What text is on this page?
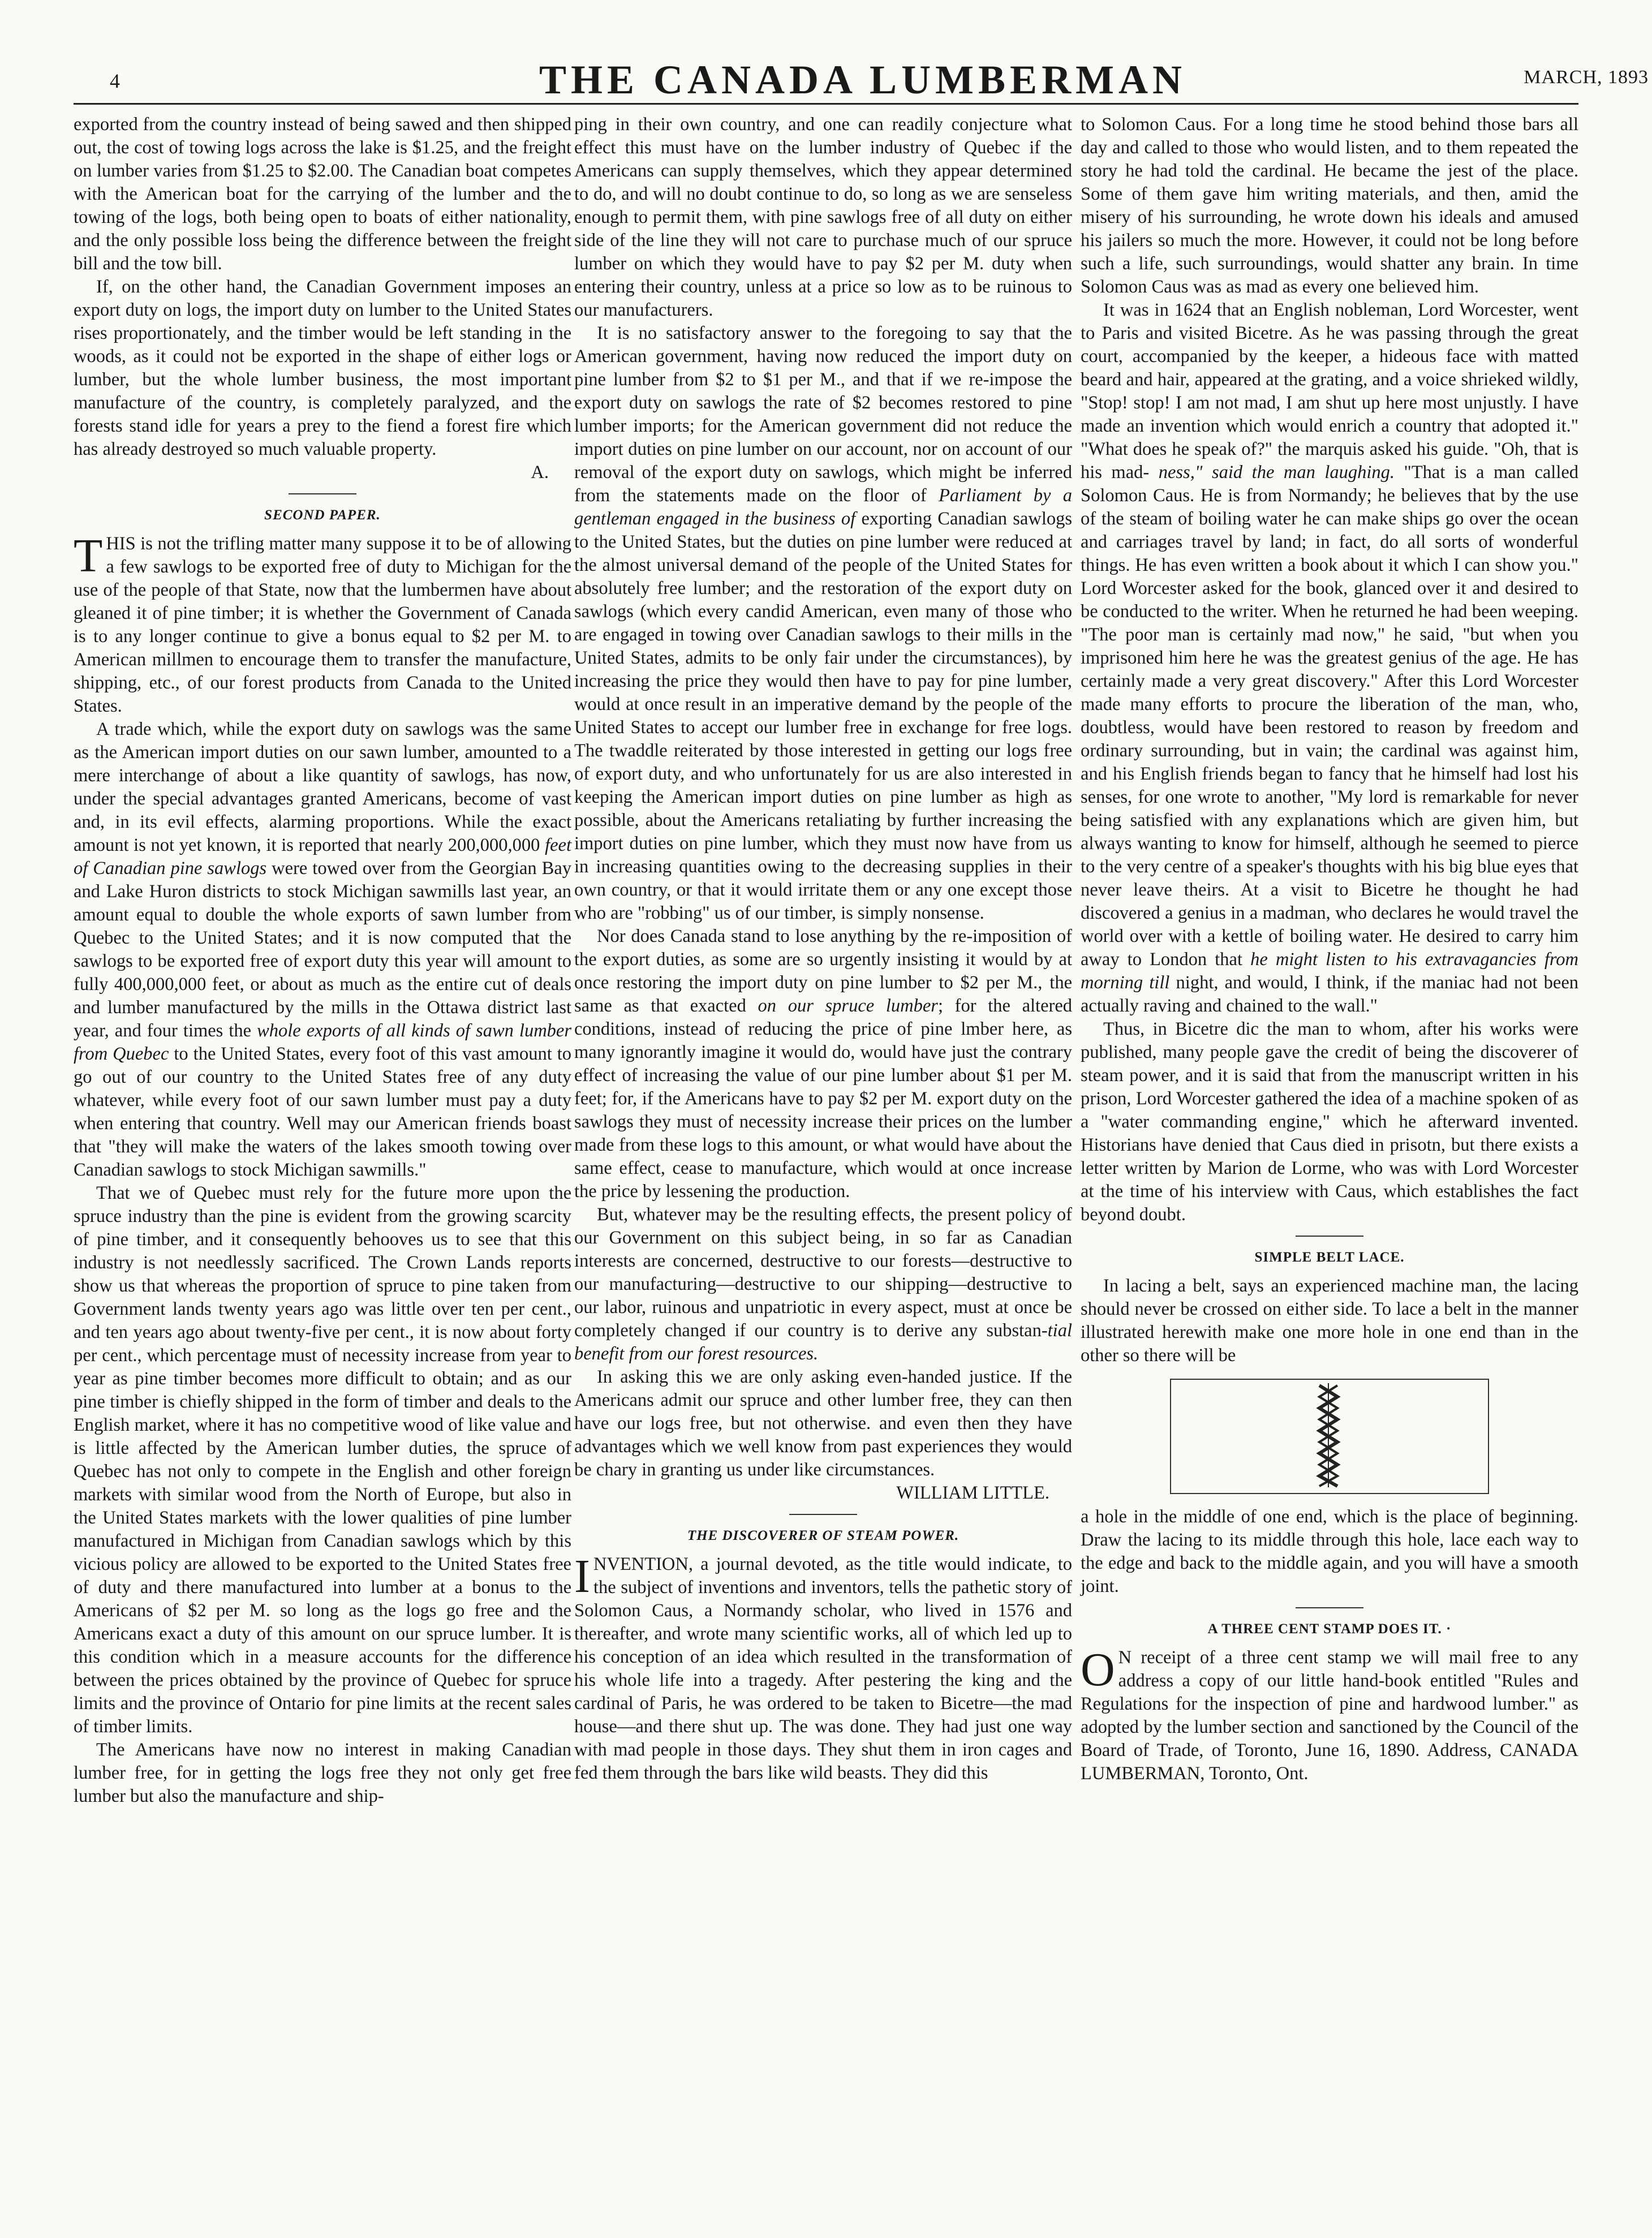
4	THE CANADA LUMBERMAN	MARCH, 1893

exported from the country instead of being sawed and then shipped out, the cost of towing logs across the lake is $1.25, and the freight on lumber varies from $1.25 to $2.00. The Canadian boat competes with the American boat for the carrying of the lumber and the towing of the logs, both being open to boats of either nationality, and the only possible loss being the difference between the freight bill and the tow bill.

If, on the other hand, the Canadian Government imposes an export duty on logs, the import duty on lumber to the United States rises proportionately, and the timber would be left standing in the woods, as it could not be exported in the shape of either logs or lumber, but the whole lumber business, the most important manufacture of the country, is completely paralyzed, and the forests stand idle for years a prey to the fiend a forest fire which has already destroyed so much valuable property.

A.

SECOND PAPER.

THIS is not the trifling matter many suppose it to be of allowing a few sawlogs to be exported free of duty to Michigan for the use of the people of that State, now that the lumbermen have about gleaned it of pine timber; it is whether the Government of Canada is to any longer continue to give a bonus equal to $2 per M. to American millmen to encourage them to transfer the manufacture, shipping, etc., of our forest products from Canada to the United States.

A trade which, while the export duty on sawlogs was the same as the American import duties on our sawn lumber, amounted to a mere interchange of about a like quantity of sawlogs, has now, under the special advantages granted Americans, become of vast and, in its evil effects, alarming proportions. While the exact amount is not yet known, it is reported that nearly 200,000,000 feet of Canadian pine sawlogs were towed over from the Georgian Bay and Lake Huron districts to stock Michigan sawmills last year, an amount equal to double the whole exports of sawn lumber from Quebec to the United States; and it is now computed that the sawlogs to be exported free of export duty this year will amount to fully 400,000,000 feet, or about as much as the entire cut of deals and lumber manufactured by the mills in the Ottawa district last year, and four times the whole exports of all kinds of sawn lumber from Quebec to the United States, every foot of this vast amount to go out of our country to the United States free of any duty whatever, while every foot of our sawn lumber must pay a duty when entering that country. Well may our American friends boast that "they will make the waters of the lakes smooth towing over Canadian sawlogs to stock Michigan sawmills."

That we of Quebec must rely for the future more upon the spruce industry than the pine is evident from the growing scarcity of pine timber, and it consequently behooves us to see that this industry is not needlessly sacrificed. The Crown Lands reports show us that whereas the proportion of spruce to pine taken from Government lands twenty years ago was little over ten per cent., and ten years ago about twenty-five per cent., it is now about forty per cent., which percentage must of necessity increase from year to year as pine timber becomes more difficult to obtain; and as our pine timber is chiefly shipped in the form of timber and deals to the English market, where it has no competitive wood of like value and is little affected by the American lumber duties, the spruce of Quebec has not only to compete in the English and other foreign markets with similar wood from the North of Europe, but also in the United States markets with the lower qualities of pine lumber manufactured in Michigan from Canadian sawlogs which by this vicious policy are allowed to be exported to the United States free of duty and there manufactured into lumber at a bonus to the Americans of $2 per M. so long as the logs go free and the Americans exact a duty of this amount on our spruce lumber. It is this condition which in a measure accounts for the difference between the prices obtained by the province of Quebec for spruce limits and the province of Ontario for pine limits at the recent sales of timber limits.

The Americans have now no interest in making Canadian lumber free, for in getting the logs free they not only get free lumber but also the manufacture and ship-

ping in their own country, and one can readily conjecture what effect this must have on the lumber industry of Quebec if the Americans can supply themselves, which they appear determined to do, and will no doubt continue to do, so long as we are senseless enough to permit them, with pine sawlogs free of all duty on either side of the line they will not care to purchase much of our spruce lumber on which they would have to pay $2 per M. duty when entering their country, unless at a price so low as to be ruinous to our manufacturers.

It is no satisfactory answer to the foregoing to say that the American government, having now reduced the import duty on pine lumber from $2 to $1 per M., and that if we re-impose the export duty on sawlogs the rate of $2 becomes restored to pine lumber imports; for the American government did not reduce the import duties on pine lumber on our account, nor on account of our removal of the export duty on sawlogs, which might be inferred from the statements made on the floor of Parliament by a gentleman engaged in the business of exporting Canadian sawlogs to the United States, but the duties on pine lumber were reduced at the almost universal demand of the people of the United States for absolutely free lumber; and the restoration of the export duty on sawlogs (which every candid American, even many of those who are engaged in towing over Canadian sawlogs to their mills in the United States, admits to be only fair under the circumstances), by increasing the price they would then have to pay for pine lumber, would at once result in an imperative demand by the people of the United States to accept our lumber free in exchange for free logs. The twaddle reiterated by those interested in getting our logs free of export duty, and who unfortunately for us are also interested in keeping the American import duties on pine lumber as high as possible, about the Americans retaliating by further increasing the import duties on pine lumber, which they must now have from us in increasing quantities owing to the decreasing supplies in their own country, or that it would irritate them or any one except those who are "robbing" us of our timber, is simply nonsense.

Nor does Canada stand to lose anything by the re-imposition of the export duties, as some are so urgently insisting it would by at once restoring the import duty on pine lumber to $2 per M., the same as that exacted on our spruce lumber; for the altered conditions, instead of reducing the price of pine lmber here, as many ignorantly imagine it would do, would have just the contrary effect of increasing the value of our pine lumber about $1 per M. feet; for, if the Americans have to pay $2 per M. export duty on the sawlogs they must of necessity increase their prices on the lumber made from these logs to this amount, or what would have about the same effect, cease to manufacture, which would at once increase the price by lessening the production.

But, whatever may be the resulting effects, the present policy of our Government on this subject being, in so far as Canadian interests are concerned, destructive to our forests—destructive to our manufacturing—destructive to our shipping—destructive to our labor, ruinous and unpatriotic in every aspect, must at once be completely changed if our country is to derive any substan-tial benefit from our forest resources.

In asking this we are only asking even-handed justice. If the Americans admit our spruce and other lumber free, they can then have our logs free, but not otherwise. and even then they have advantages which we well know from past experiences they would be chary in granting us under like circumstances.

WILLIAM LITTLE.

THE DISCOVERER OF STEAM POWER.

INVENTION, a journal devoted, as the title would indicate, to the subject of inventions and inventors, tells the pathetic story of Solomon Caus, a Normandy scholar, who lived in 1576 and thereafter, and wrote many scientific works, all of which led up to his conception of an idea which resulted in the transformation of his whole life into a tragedy. After pestering the king and the cardinal of Paris, he was ordered to be taken to Bicetre—the mad house—and there shut up. The was done. They had just one way with mad people in those days. They shut them in iron cages and fed them through the bars like wild beasts. They did this

to Solomon Caus. For a long time he stood behind those bars all day and called to those who would listen, and to them repeated the story he had told the cardinal. He became the jest of the place. Some of them gave him writing materials, and then, amid the misery of his surrounding, he wrote down his ideals and amused his jailers so much the more. However, it could not be long before such a life, such surroundings, would shatter any brain. In time Solomon Caus was as mad as every one believed him.

It was in 1624 that an English nobleman, Lord Worcester, went to Paris and visited Bicetre. As he was passing through the great court, accompanied by the keeper, a hideous face with matted beard and hair, appeared at the grating, and a voice shrieked wildly, "Stop! stop! I am not mad, I am shut up here most unjustly. I have made an invention which would enrich a country that adopted it." "What does he speak of?" the marquis asked his guide. "Oh, that is his mad- ness," said the man laughing. "That is a man called Solomon Caus. He is from Normandy; he believes that by the use of the steam of boiling water he can make ships go over the ocean and carriages travel by land; in fact, do all sorts of wonderful things. He has even written a book about it which I can show you." Lord Worcester asked for the book, glanced over it and desired to be conducted to the writer. When he returned he had been weeping. "The poor man is certainly mad now," he said, "but when you imprisoned him here he was the greatest genius of the age. He has certainly made a very great discovery." After this Lord Worcester made many efforts to procure the liberation of the man, who, doubtless, would have been restored to reason by freedom and ordinary surrounding, but in vain; the cardinal was against him, and his English friends began to fancy that he himself had lost his senses, for one wrote to another, "My lord is remarkable for never being satisfied with any explanations which are given him, but always wanting to know for himself, although he seemed to pierce to the very centre of a speaker's thoughts with his big blue eyes that never leave theirs. At a visit to Bicetre he thought he had discovered a genius in a madman, who declares he would travel the world over with a kettle of boiling water. He desired to carry him away to London that he might listen to his extravagancies from morning till night, and would, I think, if the maniac had not been actually raving and chained to the wall."

Thus, in Bicetre dic the man to whom, after his works were published, many people gave the credit of being the discoverer of steam power, and it is said that from the manuscript written in his prison, Lord Worcester gathered the idea of a machine spoken of as a "water commanding engine," which he afterward invented. Historians have denied that Caus died in prisotn, but there exists a letter written by Marion de Lorme, who was with Lord Worcester at the time of his interview with Caus, which establishes the fact beyond doubt.

SIMPLE BELT LACE.

In lacing a belt, says an experienced machine man, the lacing should never be crossed on either side. To lace a belt in the manner illustrated herewith make one more hole in one end than in the other so there will be

a hole in the middle of one end, which is the place of beginning. Draw the lacing to its middle through this hole, lace each way to the edge and back to the middle again, and you will have a smooth joint.

A THREE CENT STAMP DOES IT. ·

O N receipt of a three cent stamp we will mail free to any address a copy of our little hand-book entitled "Rules and Regulations for the inspection of pine and hardwood lumber." as adopted by the lumber section and sanctioned by the Council of the Board of Trade, of Toronto, June 16, 1890. Address, CANADA LUMBERMAN, Toronto, Ont.
